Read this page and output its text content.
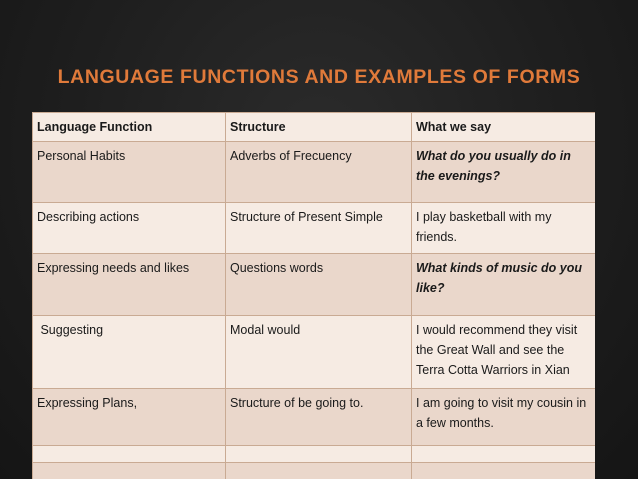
LANGUAGE FUNCTIONS AND EXAMPLES OF FORMS
Language Function	Structure	What we say
Personal Habits	Adverbs of Frecuency	What do you usually do in the evenings?
Describing actions	Structure of Present Simple	I play basketball with my friends.
Expressing needs and likes	Questions words	What kinds of music do you like?
Suggesting	Modal would	I would recommend they visit the Great Wall and see the Terra Cotta Warriors in Xian
Expressing Plans,	Structure of be going to.	I am going to visit my cousin in a few months.
